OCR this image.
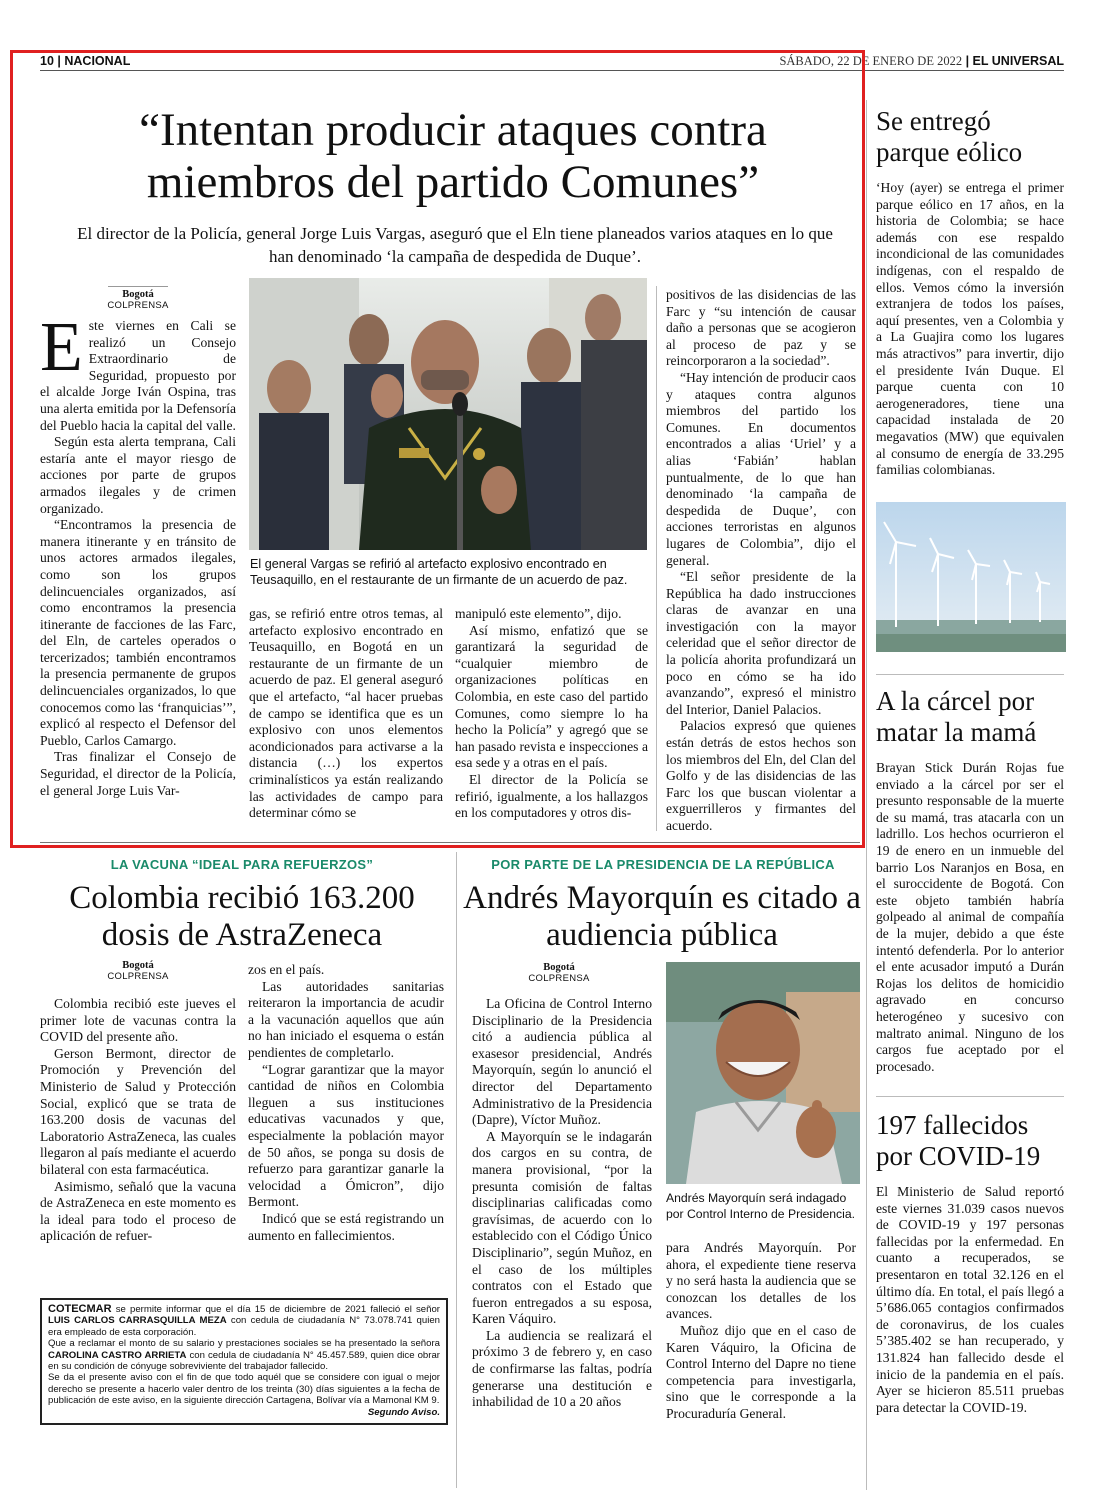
10 | NACIONAL	SÁBADO, 22 DE ENERO DE 2022 | EL UNIVERSAL
“Intentan producir ataques contra miembros del partido Comunes”
El director de la Policía, general Jorge Luis Vargas, aseguró que el Eln tiene planeados varios ataques en lo que han denominado ‘la campaña de despedida de Duque’.
Bogotá
COLPRENSA

Este viernes en Cali se realizó un Consejo Extraordinario de Seguridad, propuesto por el alcalde Jorge Iván Ospina, tras una alerta emitida por la Defensoría del Pueblo hacia la capital del valle.

Según esta alerta temprana, Cali estaría ante el mayor riesgo de acciones por parte de grupos armados ilegales y de crimen organizado.

“Encontramos la presencia de manera itinerante y en tránsito de unos actores armados ilegales, como son los grupos delincuenciales organizados, así como encontramos la presencia itinerante de facciones de las Farc, del Eln, de carteles operados o tercerizados; también encontramos la presencia permanente de grupos delincuenciales organizados, lo que conocemos como las ‘franquicias’”, explicó al respecto el Defensor del Pueblo, Carlos Camargo.

Tras finalizar el Consejo de Seguridad, el director de la Policía, el general Jorge Luis Var-

El general Vargas se refirió al artefacto explosivo encontrado en Teusaquillo, en el restaurante de un firmante de un acuerdo de paz.

gas, se refirió entre otros temas, al artefacto explosivo encontrado en Teusaquillo, en Bogotá en un restaurante de un firmante de un acuerdo de paz. El general aseguró que el artefacto, “al hacer pruebas de campo se identifica que es un explosivo con unos elementos acondicionados para activarse a la distancia (…) los expertos criminalísticos ya están realizando las actividades de campo para determinar cómo se

manipuló este elemento”, dijo.

Así mismo, enfatizó que se garantizará la seguridad de “cualquier miembro de organizaciones políticas en Colombia, en este caso del partido Comunes, como siempre lo ha hecho la Policía” y agregó que se han pasado revista e inspecciones a esa sede y a otras en el país.

El director de la Policía se refirió, igualmente, a los hallazgos en los computadores y otros dis-

positivos de las disidencias de las Farc y “su intención de causar daño a personas que se acogieron al proceso de paz y se reincorporaron a la sociedad”.

“Hay intención de producir caos y ataques contra algunos miembros del partido los Comunes. En documentos encontrados a alias ‘Uriel’ y a alias ‘Fabián’ hablan puntualmente, de lo que han denominado ‘la campaña de despedida de Duque’, con acciones terroristas en algunos lugares de Colombia”, dijo el general.

“El señor presidente de la República ha dado instrucciones claras de avanzar en una investigación con la mayor celeridad que el señor director de la policía ahorita profundizará un poco en cómo se ha ido avanzando”, expresó el ministro del Interior, Daniel Palacios.

Palacios expresó que quienes están detrás de estos hechos son los miembros del Eln, del Clan del Golfo y de las disidencias de las Farc los que buscan violentar a exguerrilleros y firmantes del acuerdo.

Se entregó parque eólico

‘Hoy (ayer) se entrega el primer parque eólico en 17 años, en la historia de Colombia; se hace además con ese respaldo incondicional de las comunidades indígenas, con el respaldo de ellos. Vemos cómo la inversión extranjera de todos los países, aquí presentes, ven a Colombia y a La Guajira como los lugares más atractivos” para invertir, dijo el presidente Iván Duque. El parque cuenta con 10 aerogeneradores, tiene una capacidad instalada de 20 megavatios (MW) que equivalen al consumo de energía de 33.295 familias colombianas.

A la cárcel por matar la mamá

Brayan Stick Durán Rojas fue enviado a la cárcel por ser el presunto responsable de la muerte de su mamá, tras atacarla con un ladrillo. Los hechos ocurrieron el 19 de enero en un inmueble del barrio Los Naranjos en Bosa, en el suroccidente de Bogotá. Con este objeto también habría golpeado al animal de compañía de la mujer, debido a que éste intentó defenderla. Por lo anterior el ente acusador imputó a Durán Rojas los delitos de homicidio agravado en concurso heterogéneo y sucesivo con maltrato animal. Ninguno de los cargos fue aceptado por el procesado.

197 fallecidos por COVID-19

El Ministerio de Salud reportó este viernes 31.039 casos nuevos de COVID-19 y 197 personas fallecidas por la enfermedad. En cuanto a recuperados, se presentaron en total 32.126 en el último día. En total, el país llegó a 5’686.065 contagios confirmados de coronavirus, de los cuales 5’385.402 se han recuperado, y 131.824 han fallecido desde el inicio de la pandemia en el país. Ayer se hicieron 85.511 pruebas para detectar la COVID-19.

LA VACUNA “IDEAL PARA REFUERZOS”
Colombia recibió 163.200 dosis de AstraZeneca
Bogotá
COLPRENSA

Colombia recibió este jueves el primer lote de vacunas contra la COVID del presente año.

Gerson Bermont, director de Promoción y Prevención del Ministerio de Salud y Protección Social, explicó que se trata de 163.200 dosis de vacunas del Laboratorio AstraZeneca, las cuales llegaron al país mediante el acuerdo bilateral con esta farmacéutica.

Asimismo, señaló que la vacuna de AstraZeneca en este momento es la ideal para todo el proceso de aplicación de refuer-

zos en el país.

Las autoridades sanitarias reiteraron la importancia de acudir a la vacunación aquellos que aún no han iniciado el esquema o están pendientes de completarlo.

“Lograr garantizar que la mayor cantidad de niños en Colombia lleguen a sus instituciones educativas vacunados y que, especialmente la población mayor de 50 años, se ponga su dosis de refuerzo para garantizar ganarle la velocidad a Ómicron”, dijo Bermont.

Indicó que se está registrando un aumento en fallecimientos.

COTECMAR se permite informar que el día 15 de diciembre de 2021 falleció el señor LUIS CARLOS CARRASQUILLA MEZA con cedula de ciudadanía N° 73.078.741 quien era empleado de esta corporación.
Que a reclamar el monto de su salario y prestaciones sociales se ha presentado la señora CAROLINA CASTRO ARRIETA con cedula de ciudadanía N° 45.457.589, quien dice obrar en su condición de cónyuge sobreviviente del trabajador fallecido.
Se da el presente aviso con el fin de que todo aquél que se considere con igual o mejor derecho se presente a hacerlo valer dentro de los treinta (30) días siguientes a la fecha de publicación de este aviso, en la siguiente dirección Cartagena, Bolívar vía a Mamonal KM 9.
Segundo Aviso.
POR PARTE DE LA PRESIDENCIA DE LA REPÚBLICA
Andrés Mayorquín es citado a audiencia pública
Bogotá
COLPRENSA

La Oficina de Control Interno Disciplinario de la Presidencia citó a audiencia pública al exasesor presidencial, Andrés Mayorquín, según lo anunció el director del Departamento Administrativo de la Presidencia (Dapre), Víctor Muñoz.

A Mayorquín se le indagarán dos cargos en su contra, de manera provisional, “por la presunta comisión de faltas disciplinarias calificadas como gravísimas, de acuerdo con lo establecido con el Código Único Disciplinario”, según Muñoz, en el caso de los múltiples contratos con el Estado que fueron entregados a su esposa, Karen Váquiro.

La audiencia se realizará el próximo 3 de febrero y, en caso de confirmarse las faltas, podría generarse una destitución e inhabilidad de 10 a 20 años

Andrés Mayorquín será indagado por Control Interno de Presidencia.

para Andrés Mayorquín. Por ahora, el expediente tiene reserva y no será hasta la audiencia que se conozcan los detalles de los avances.

Muñoz dijo que en el caso de Karen Váquiro, la Oficina de Control Interno del Dapre no tiene competencia para investigarla, sino que le corresponde a la Procuraduría General.
